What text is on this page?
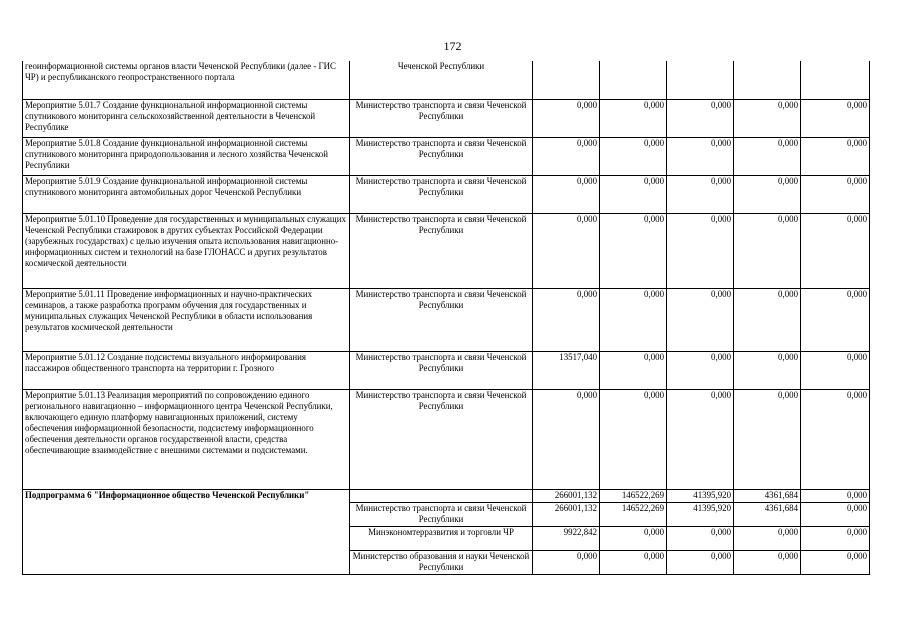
172
геоинформационной системы органов власти Чеченской Республики (далее - ГИС ЧР) и республиканского геопространственного портала	Чеченской Республики					
Мероприятие 5.01.7 Создание функциональной информационной системы спутникового мониторинга сельскохозяйственной деятельности в Чеченской Республике	Министерство транспорта и связи Чеченской Республики	0,000	0,000	0,000	0,000	0,000
Мероприятие 5.01.8 Создание функциональной информационной системы спутникового мониторинга природопользования и лесного хозяйства Чеченской Республики	Министерство транспорта и связи Чеченской Республики	0,000	0,000	0,000	0,000	0,000
Мероприятие 5.01.9 Создание функциональной информационной системы спутникового мониторинга автомобильных дорог Чеченской Республики	Министерство транспорта и связи Чеченской Республики	0,000	0,000	0,000	0,000	0,000
Мероприятие 5.01.10 Проведение для государственных и муниципальных служащих Чеченской Республики стажировок в других субъектах Российской Федерации (зарубежных государствах) с целью изучения опыта использования навигационно-информационных систем и технологий на базе ГЛОНАСС и других результатов космической деятельности	Министерство транспорта и связи Чеченской Республики	0,000	0,000	0,000	0,000	0,000
Мероприятие 5.01.11 Проведение информационных и научно-практических семинаров, а также разработка программ обучения для государственных и муниципальных служащих Чеченской Республики в области использования результатов космической деятельности	Министерство транспорта и связи Чеченской Республики	0,000	0,000	0,000	0,000	0,000
Мероприятие 5.01.12 Создание подсистемы визуального информирования пассажиров общественного транспорта на территории г. Грозного	Министерство транспорта и связи Чеченской Республики	13517,040	0,000	0,000	0,000	0,000
Мероприятие 5.01.13 Реализация мероприятий по сопровождению единого регионального навигационно – информационного центра Чеченской Республики, включающего единую платформу навигационных приложений, систему обеспечения информационной безопасности, подсистему информационного обеспечения деятельности органов государственной власти, средства обеспечивающие взаимодействие с внешними системами и подсистемами.	Министерство транспорта и связи Чеченской Республики	0,000	0,000	0,000	0,000	0,000
Подпрограмма 6 "Информационное общество Чеченской Республики"		266001,132	146522,269	41395,920	4361,684	0,000
	Министерство транспорта и связи Чеченской Республики	266001,132	146522,269	41395,920	4361,684	0,000
	Минэкономтерразвития и торговли ЧР	9922,842	0,000	0,000	0,000	0,000
	Министерство образования и науки Чеченской Республики	0,000	0,000	0,000	0,000	0,000
